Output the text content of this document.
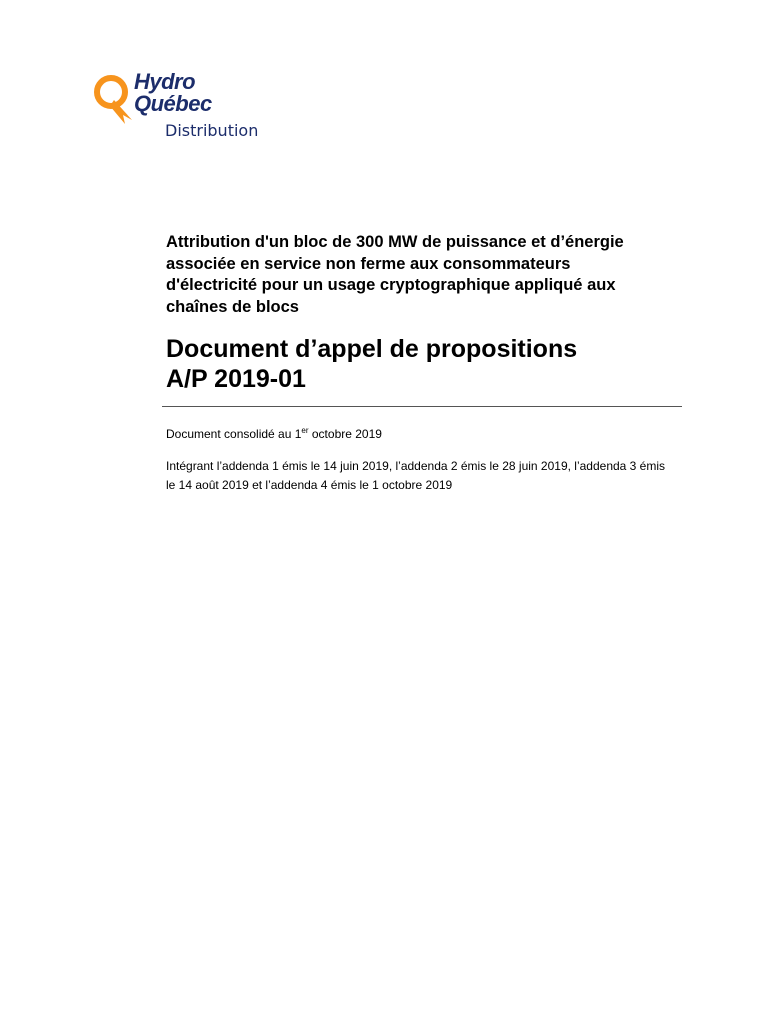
Hydro
Québec
Distribution
Attribution d'un bloc de 300 MW de puissance et d’énergie
associée en service non ferme aux consommateurs
d'électricité pour un usage cryptographique appliqué aux
chaînes de blocs
Document d’appel de propositions
A/P 2019-01
Document consolidé au 1er octobre 2019
Intégrant l’addenda 1 émis le 14 juin 2019, l’addenda 2 émis le 28 juin 2019, l’addenda 3 émis
le 14 août 2019 et l’addenda 4 émis le 1 octobre 2019
